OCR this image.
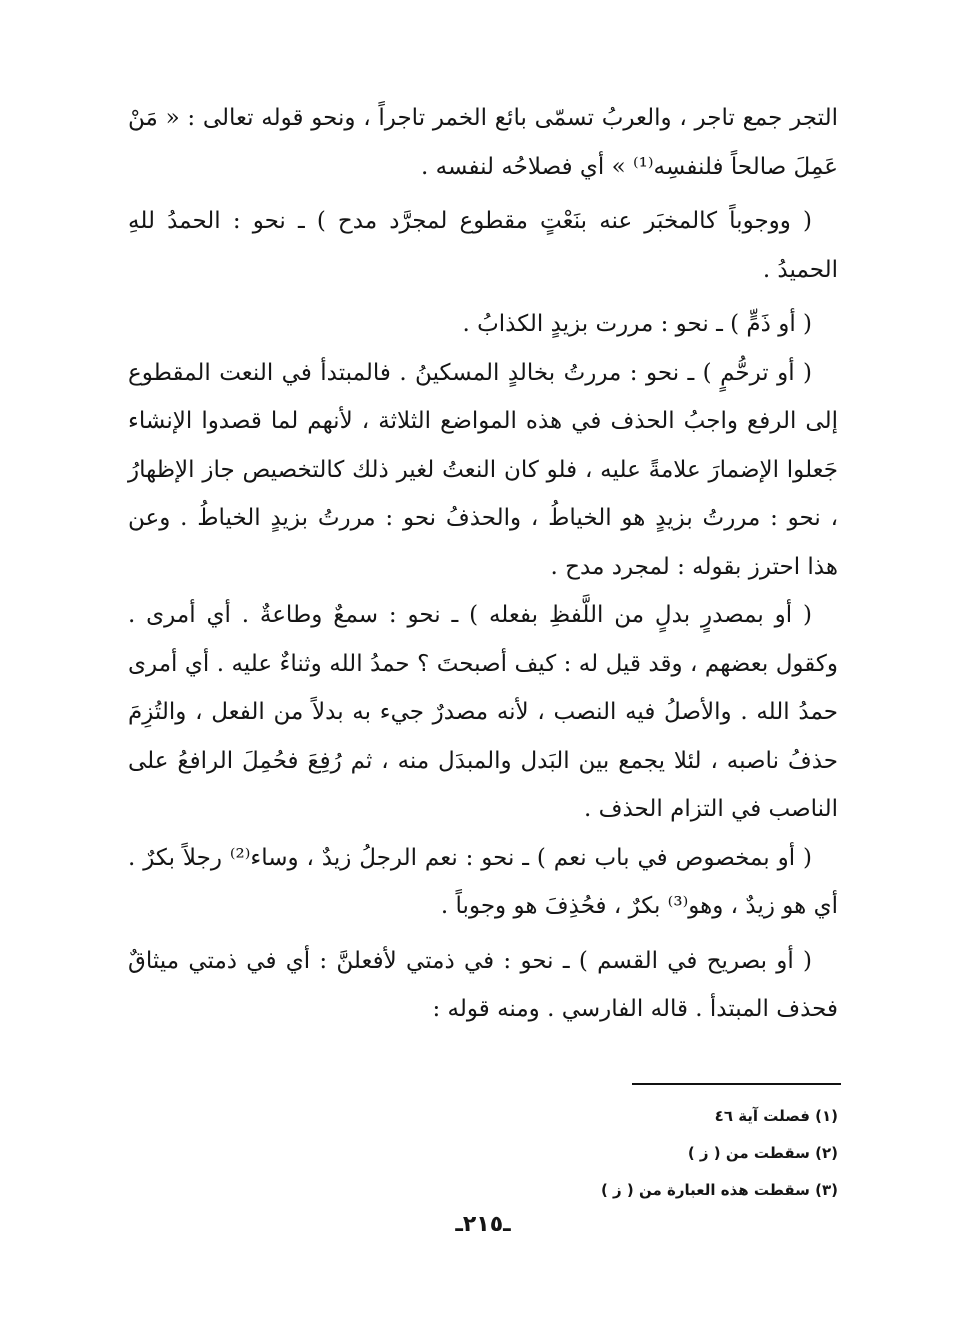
التجر جمع تاجر ، والعربُ تسمّى بائع الخمر تاجراً ، ونحو قوله تعالى : « مَنْ عَمِلَ صالحاً فلنفسِه⁽¹⁾ » أي فصلاحُه لنفسه .

( ووجوباً كالمخبَر عنه بنَعْتٍ مقطوع لمجرَّد مدح ) ـ نحو : الحمدُ للهِ الحميدُ .

( أو ذَمٍّ ) ـ نحو : مررت بزيدٍ الكذابُ .

( أو ترحُّمٍ ) ـ نحو : مررتُ بخالدٍ المسكينُ . فالمبتدأ في النعت المقطوع إلى الرفع واجبُ الحذف في هذه المواضع الثلاثة ، لأنهم لما قصدوا الإنشاء جَعلوا الإضمارَ علامةً عليه ، فلو كان النعتُ لغير ذلك كالتخصيص جاز الإظهارُ ، نحو : مررتُ بزيدٍ هو الخياطُ ، والحذفُ نحو : مررتُ بزيدٍ الخياطُ . وعن هذا احترز بقوله : لمجرد مدح .

( أو بمصدرٍ بدلٍ من اللَّفظِ بفعله ) ـ نحو : سمعٌ وطاعةٌ . أي أمرى . وكقول بعضهم ، وقد قيل له : كيف أصبحتَ ؟ حمدُ الله وثناءٌ عليه . أي أمرى حمدُ الله . والأصلُ فيه النصب ، لأنه مصدرٌ جيء به بدلاً من الفعل ، والتُزِمَ حذفُ ناصبه ، لئلا يجمع بين البَدل والمبدَل منه ، ثم رُفِعَ فحُمِلَ الرافعُ على الناصب في التزام الحذف .

( أو بمخصوص في باب نعم ) ـ نحو : نعم الرجلُ زيدٌ ، وساء⁽²⁾ رجلاً بكرٌ . أي هو زيدٌ ، وهو⁽³⁾ بكرٌ ، فحُذِفَ هو وجوباً .

( أو بصريح في القسم ) ـ نحو : في ذمتي لأفعلنَّ : أي في ذمتي ميثاقٌ فحذف المبتدأ . قاله الفارسي . ومنه قوله :

(١) فصلت آية ٤٦

(٢) سقطت من ( ز )

(٣) سقطت هذه العبارة من ( ز )

ـ٢١٥ـ
